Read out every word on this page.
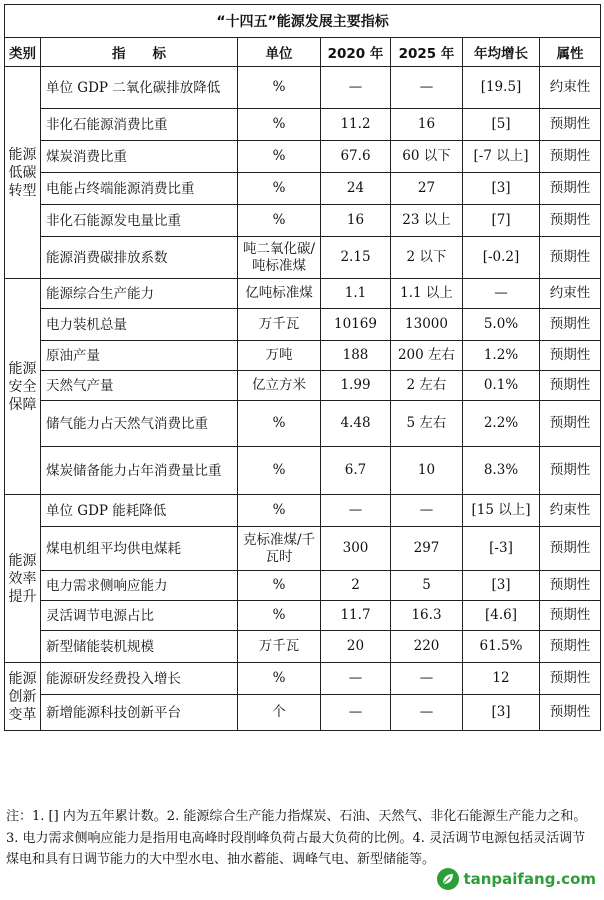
“十四五”能源发展主要指标						
类别	指　　标	单位	2020 年	2025 年	年均增长	属性
能源低碳转型	单位 GDP 二氧化碳排放降低	%	—	—	[19.5]	约束性
	非化石能源消费比重	%	11.2	16	[5]	预期性
	煤炭消费比重	%	67.6	60 以下	[-7 以上]	预期性
	电能占终端能源消费比重	%	24	27	[3]	预期性
	非化石能源发电量比重	%	16	23 以上	[7]	预期性
	能源消费碳排放系数	吨二氧化碳/吨标准煤	2.15	2 以下	[-0.2]	预期性
能源安全保障	能源综合生产能力	亿吨标准煤	1.1	1.1 以上	—	约束性
	电力装机总量	万千瓦	10169	13000	5.0%	预期性
	原油产量	万吨	188	200 左右	1.2%	预期性
	天然气产量	亿立方米	1.99	2 左右	0.1%	预期性
	储气能力占天然气消费比重	%	4.48	5 左右	2.2%	预期性
	煤炭储备能力占年消费量比重	%	6.7	10	8.3%	预期性
能源效率提升	单位 GDP 能耗降低	%	—	—	[15 以上]	约束性
	煤电机组平均供电煤耗	克标准煤/千瓦时	300	297	[-3]	预期性
	电力需求侧响应能力	%	2	5	[3]	预期性
	灵活调节电源占比	%	11.7	16.3	[4.6]	预期性
	新型储能装机规模	万千瓦	20	220	61.5%	预期性
能源创新变革	能源研发经费投入增长	%	—	—	12	预期性
	新增能源科技创新平台	个	—	—	[3]	预期性
注：1. [] 内为五年累计数。2. 能源综合生产能力指煤炭、石油、天然气、非化石能源生产能力之和。3. 电力需求侧响应能力是指用电高峰时段削峰负荷占最大负荷的比例。4. 灵活调节电源包括灵活调节煤电和具有日调节能力的大中型水电、抽水蓄能、调峰气电、新型储能等。
tanpaifang.com
